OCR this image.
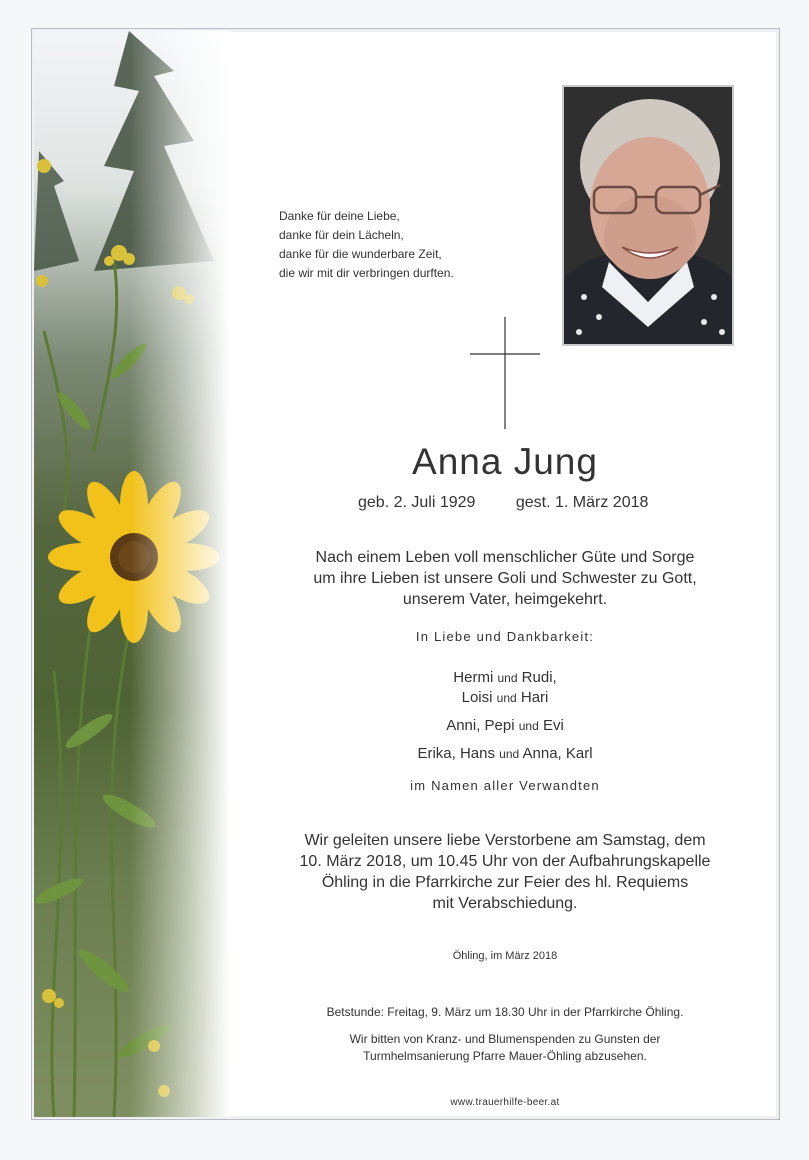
Danke für deine Liebe,
danke für dein Lächeln,
danke für die wunderbare Zeit,
die wir mit dir verbringen durften.
Anna Jung
geb. 2. Juli 1929	gest. 1. März 2018
Nach einem Leben voll menschlicher Güte und Sorge
um ihre Lieben ist unsere Goli und Schwester zu Gott,
unserem Vater, heimgekehrt.
In Liebe und Dankbarkeit:
Hermi und Rudi,
Loisi und Hari
Anni, Pepi und Evi
Erika, Hans und Anna, Karl
im Namen aller Verwandten
Wir geleiten unsere liebe Verstorbene am Samstag, dem
10. März 2018, um 10.45 Uhr von der Aufbahrungskapelle
Öhling in die Pfarrkirche zur Feier des hl. Requiems
mit Verabschiedung.
Öhling, im März 2018
Betstunde: Freitag, 9. März um 18.30 Uhr in der Pfarrkirche Öhling.
Wir bitten von Kranz- und Blumenspenden zu Gunsten der
Turmhelmsanierung Pfarre Mauer-Öhling abzusehen.
www.trauerhilfe-beer.at
